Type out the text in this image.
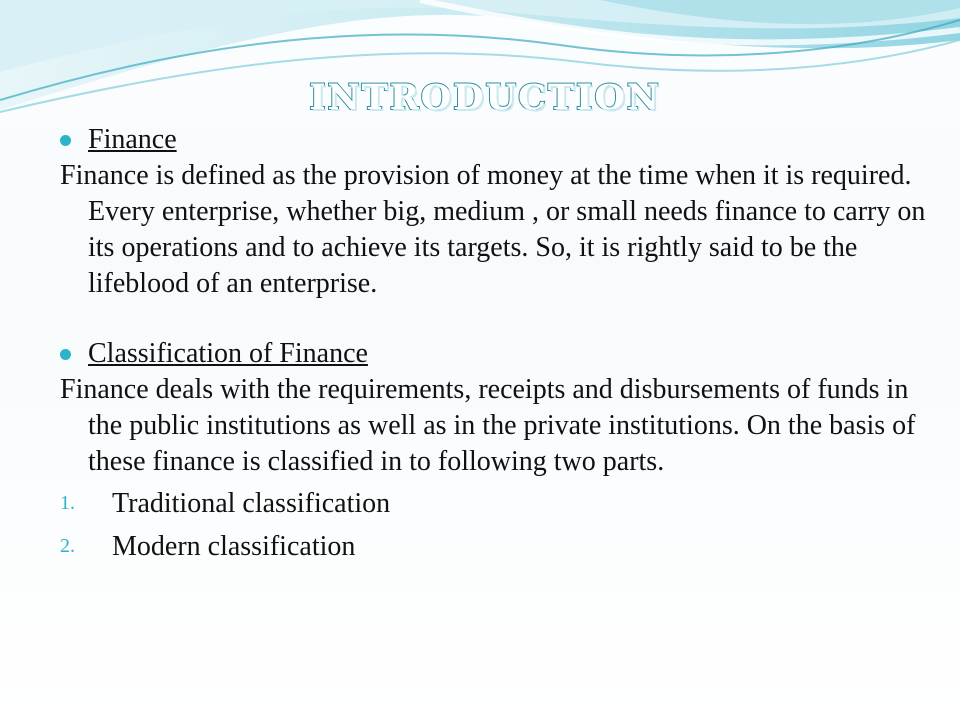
introduction

Finance

Finance is defined as the provision of money at the time when it is required. Every enterprise, whether big, medium , or small needs finance to carry on its operations and to achieve its targets. So, it is rightly said to be the lifeblood of an enterprise.

Classification of Finance

Finance deals with the requirements, receipts and disbursements of funds in the public institutions as well as in the private institutions. On the basis of these finance is classified in to following two parts.

1. Traditional classification
2. Modern classification
